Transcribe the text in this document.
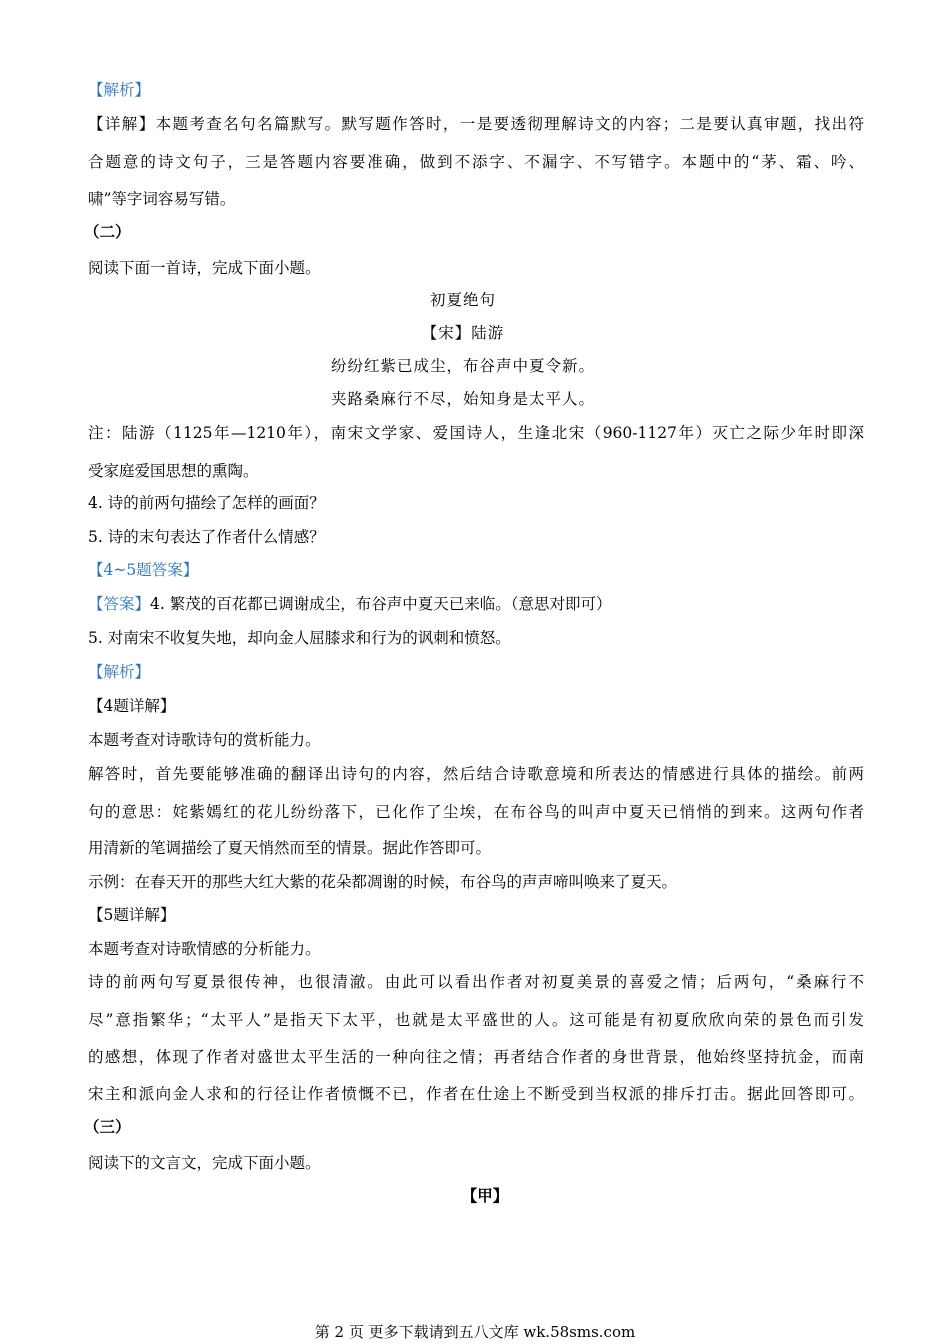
【解析】
【详解】本题考查名句名篇默写。默写题作答时，一是要透彻理解诗文的内容；二是要认真审题，找出符
合题意的诗文句子，三是答题内容要准确，做到不添字、不漏字、不写错字。本题中的“茅、霜、吟、
啸”等字词容易写错。
（二）
阅读下面一首诗，完成下面小题。
初夏绝句
【宋】陆游
纷纷红紫已成尘，布谷声中夏令新。
夹路桑麻行不尽，始知身是太平人。
注：陆游（1125年—1210年），南宋文学家、爱国诗人，生逢北宋（960-1127年）灭亡之际少年时即深
受家庭爱国思想的熏陶。
4. 诗的前两句描绘了怎样的画面？
5. 诗的末句表达了作者什么情感？
【4~5题答案】
【答案】4. 繁茂的百花都已调谢成尘，布谷声中夏天已来临。（意思对即可）
5. 对南宋不收复失地，却向金人屈膝求和行为的讽刺和愤怒。
【解析】
【4题详解】
本题考查对诗歌诗句的赏析能力。
解答时，首先要能够准确的翻译出诗句的内容，然后结合诗歌意境和所表达的情感进行具体的描绘。前两
句的意思：姹紫嫣红的花儿纷纷落下，已化作了尘埃，在布谷鸟的叫声中夏天已悄悄的到来。这两句作者
用清新的笔调描绘了夏天悄然而至的情景。据此作答即可。
示例：在春天开的那些大红大紫的花朵都凋谢的时候，布谷鸟的声声啼叫唤来了夏天。
【5题详解】
本题考查对诗歌情感的分析能力。
诗的前两句写夏景很传神，也很清澈。由此可以看出作者对初夏美景的喜爱之情；后两句，“桑麻行不
尽”意指繁华；“太平人”是指天下太平，也就是太平盛世的人。这可能是有初夏欣欣向荣的景色而引发
的感想，体现了作者对盛世太平生活的一种向往之情；再者结合作者的身世背景，他始终坚持抗金，而南
宋主和派向金人求和的行径让作者愤慨不已，作者在仕途上不断受到当权派的排斥打击。据此回答即可。
（三）
阅读下的文言文，完成下面小题。
【甲】
第 2 页 更多下载请到五八文库 wk.58sms.com
